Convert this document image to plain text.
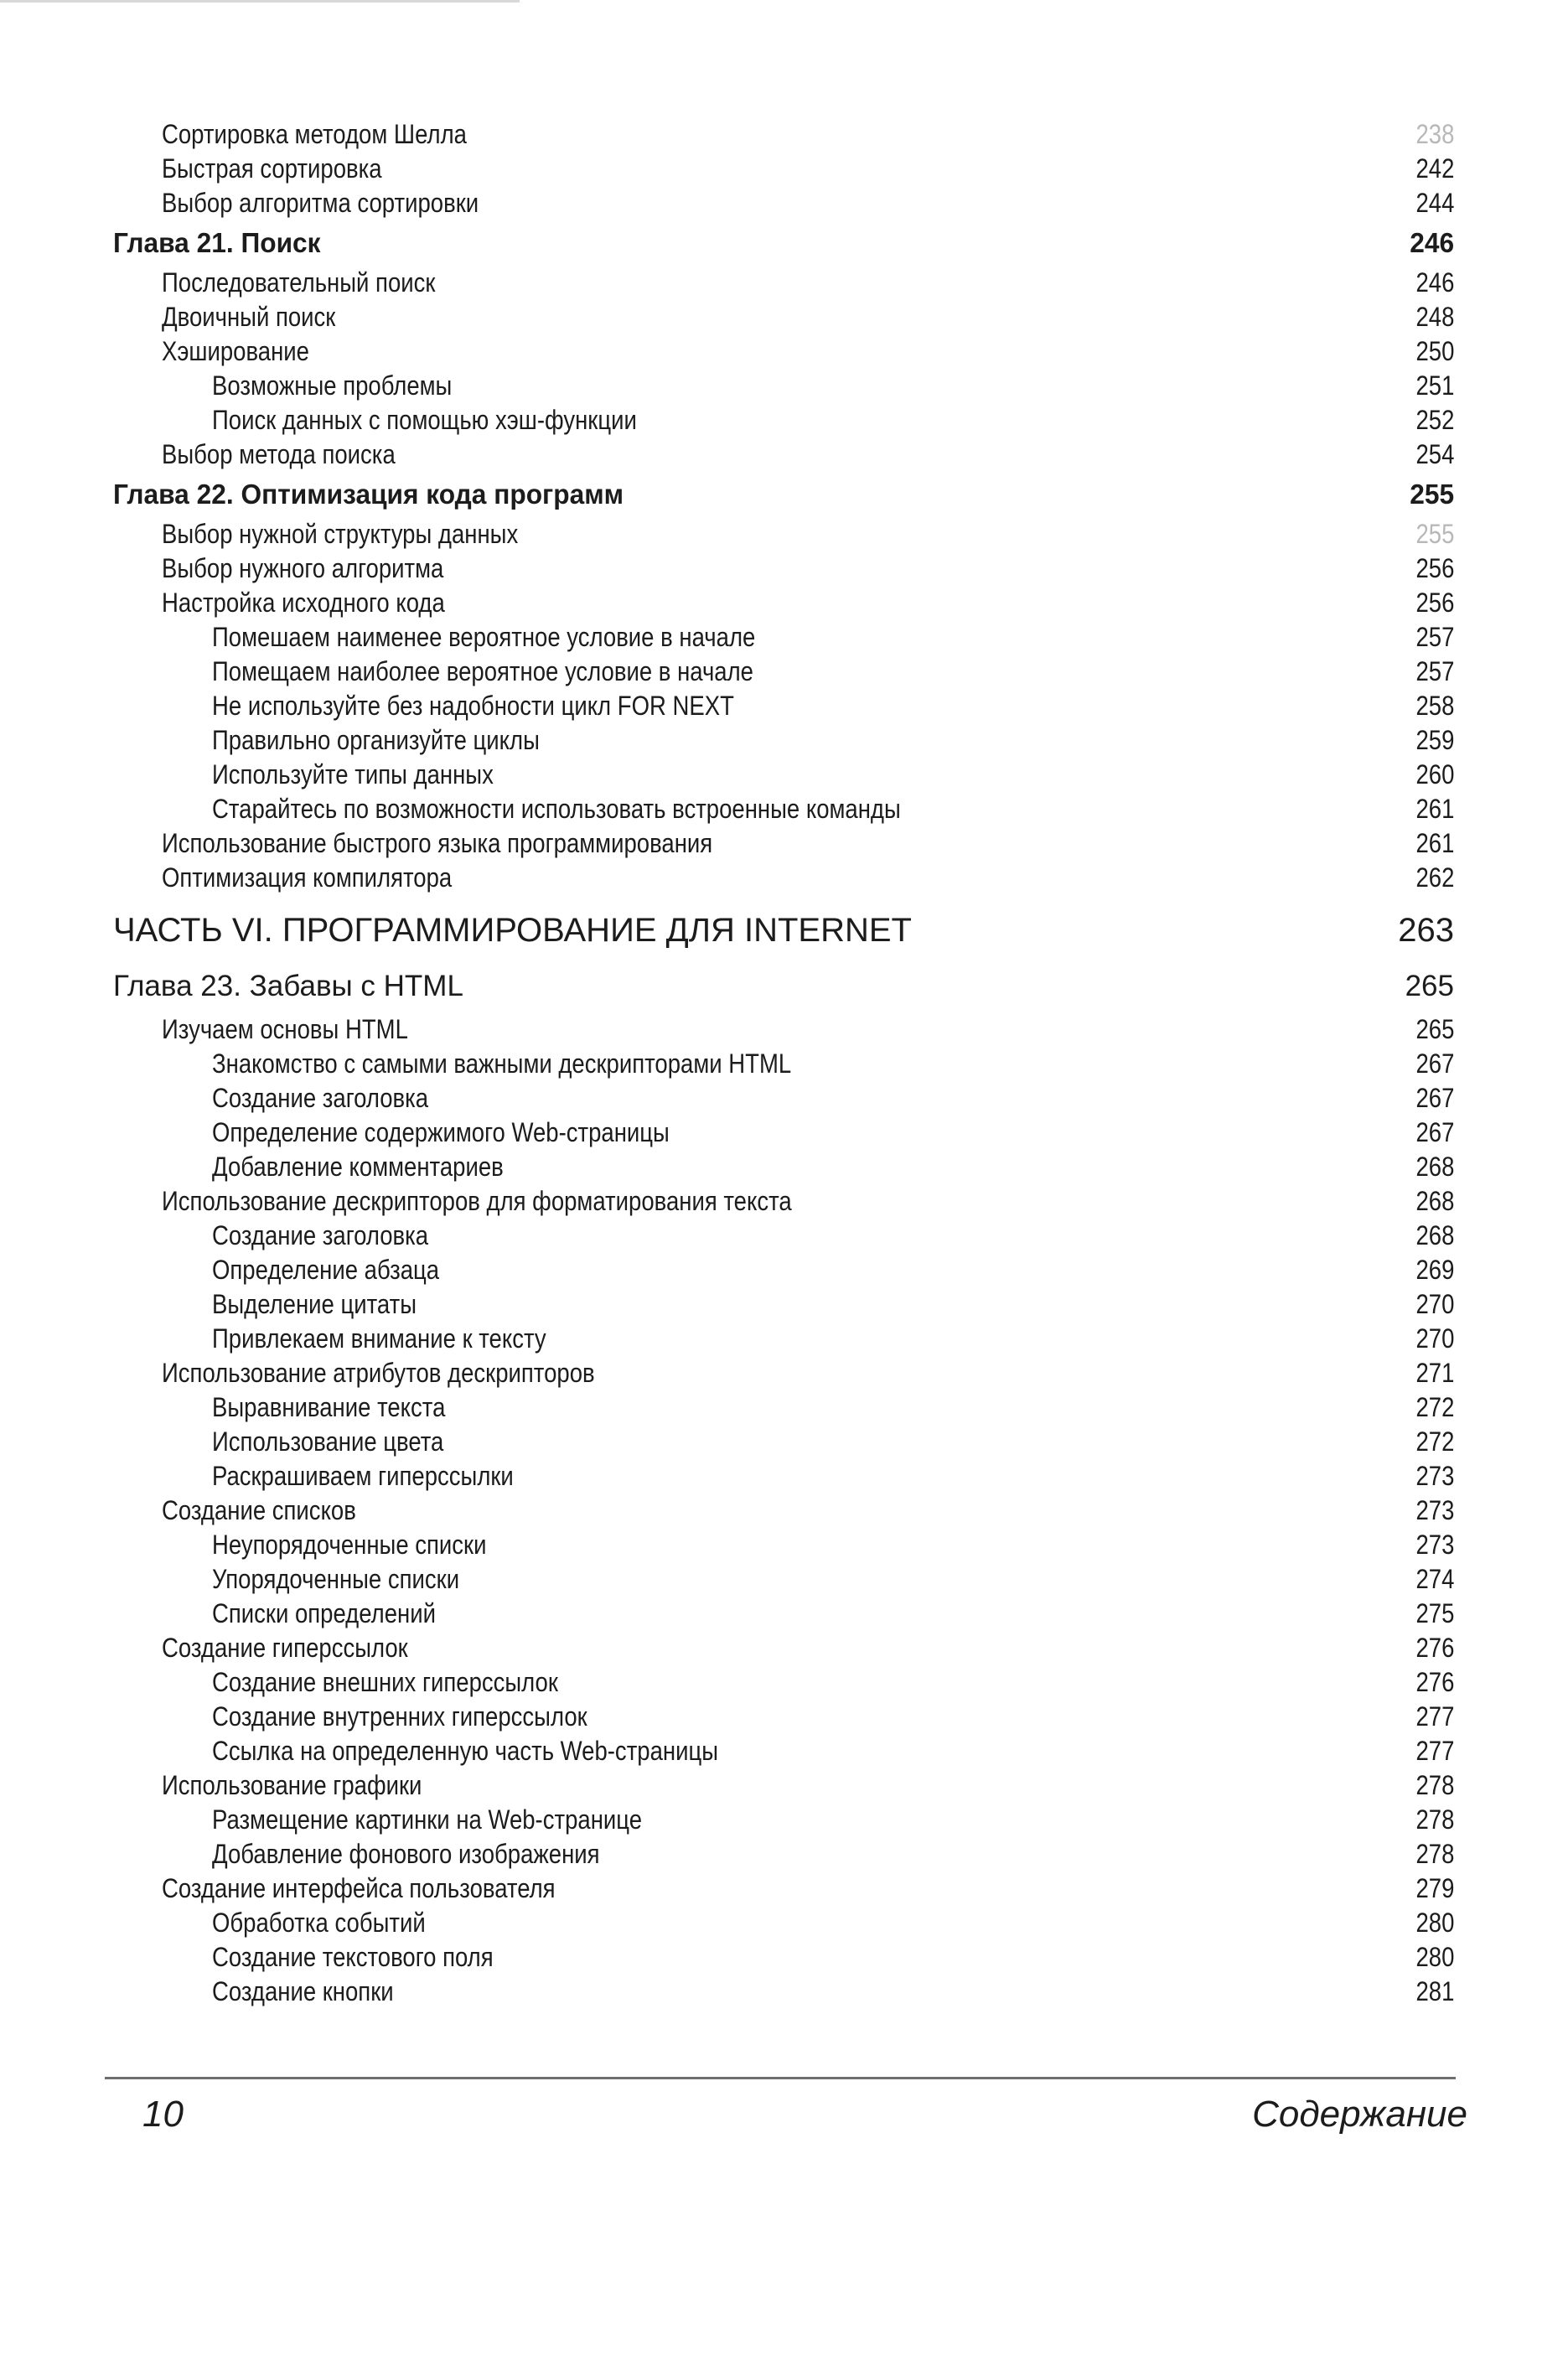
Сортировка методом Шелла	238
Быстрая сортировка	242
Выбор алгоритма сортировки	244
Глава 21. Поиск	246
Последовательный поиск	246
Двоичный поиск	248
Хэширование	250
Возможные проблемы	251
Поиск данных с помощью хэш-функции	252
Выбор метода поиска	254
Глава 22. Оптимизация кода программ	255
Выбор нужной структуры данных	255
Выбор нужного алгоритма	256
Настройка исходного кода	256
Помешаем наименее вероятное условие в начале	257
Помещаем наиболее вероятное условие в начале	257
Не используйте без надобности цикл FOR NEXT	258
Правильно организуйте циклы	259
Используйте типы данных	260
Старайтесь по возможности использовать встроенные команды	261
Использование быстрого языка программирования	261
Оптимизация компилятора	262
ЧАСТЬ VI. ПРОГРАММИРОВАНИЕ ДЛЯ INTERNET	263
Глава 23. Забавы с HTML	265
Изучаем основы HTML	265
Знакомство с самыми важными дескрипторами HTML	267
Создание заголовка	267
Определение содержимого Web-страницы	267
Добавление комментариев	268
Использование дескрипторов для форматирования текста	268
Создание заголовка	268
Определение абзаца	269
Выделение цитаты	270
Привлекаем внимание к тексту	270
Использование атрибутов дескрипторов	271
Выравнивание текста	272
Использование цвета	272
Раскрашиваем гиперссылки	273
Создание списков	273
Неупорядоченные списки	273
Упорядоченные списки	274
Списки определений	275
Создание гиперссылок	276
Создание внешних гиперссылок	276
Создание внутренних гиперссылок	277
Ссылка на определенную часть Web-страницы	277
Использование графики	278
Размещение картинки на Web-странице	278
Добавление фонового изображения	278
Создание интерфейса пользователя	279
Обработка событий	280
Создание текстового поля	280
Создание кнопки	281
10	Содержание
